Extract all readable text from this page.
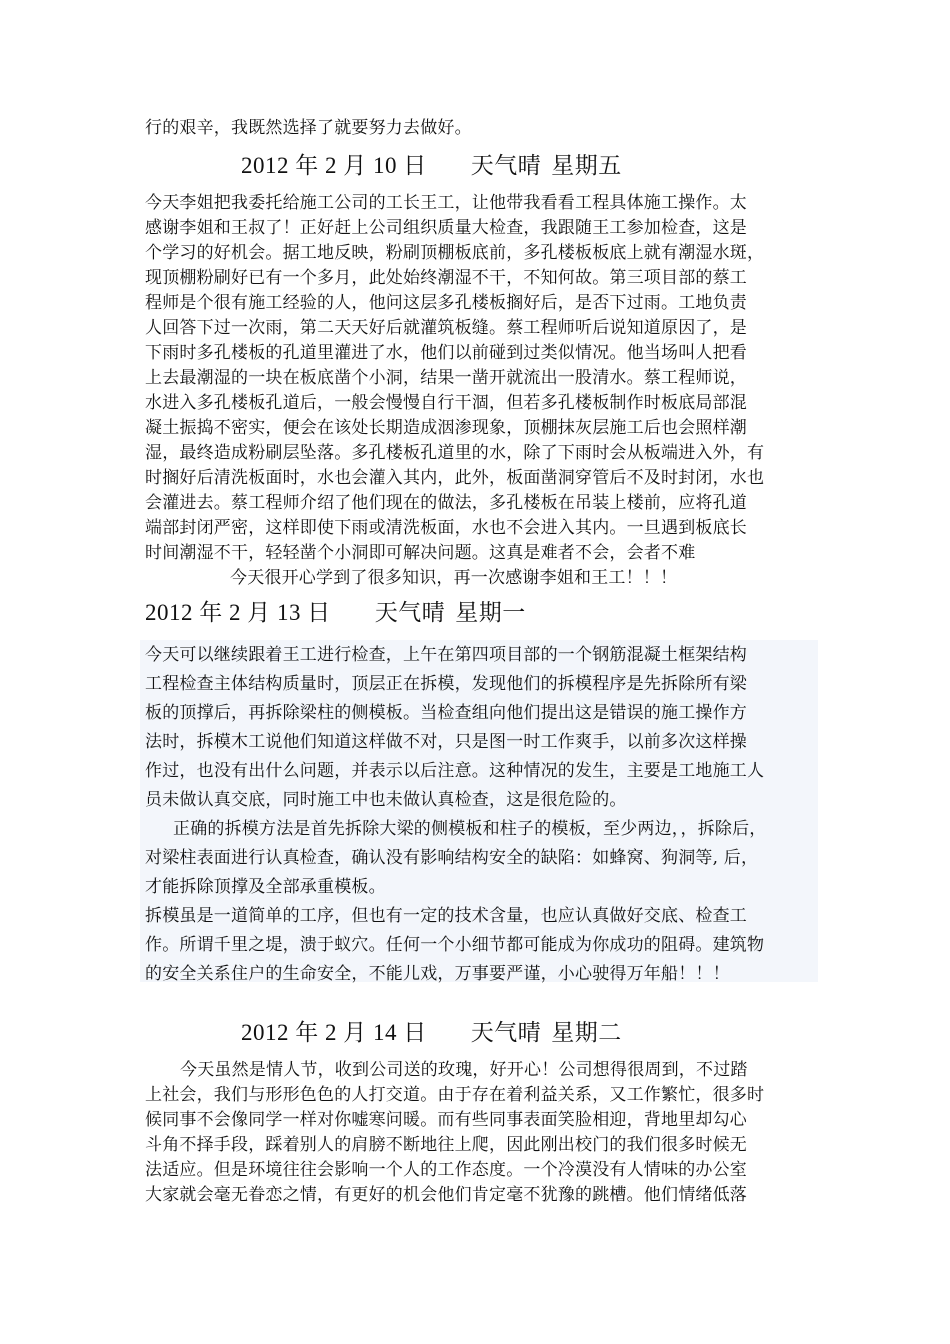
行的艰辛，我既然选择了就要努力去做好。
2012 年 2 月 10 日 天气晴 星期五
今天李姐把我委托给施工公司的工长王工，让他带我看看工程具体施工操作。太
感谢李姐和王叔了！正好赶上公司组织质量大检查，我跟随王工参加检查，这是
个学习的好机会。据工地反映，粉刷顶棚板底前，多孔楼板板底上就有潮湿水斑，
现顶棚粉刷好已有一个多月，此处始终潮湿不干，不知何故。第三项目部的蔡工
程师是个很有施工经验的人，他问这层多孔楼板搁好后，是否下过雨。工地负责
人回答下过一次雨，第二天天好后就灌筑板缝。蔡工程师听后说知道原因了，是
下雨时多孔楼板的孔道里灌进了水，他们以前碰到过类似情况。他当场叫人把看
上去最潮湿的一块在板底凿个小洞，结果一凿开就流出一股清水。蔡工程师说，
水进入多孔楼板孔道后，一般会慢慢自行干涸，但若多孔楼板制作时板底局部混
凝土振捣不密实，便会在该处长期造成洇渗现象，顶棚抹灰层施工后也会照样潮
湿，最终造成粉刷层坠落。多孔楼板孔道里的水，除了下雨时会从板端进入外，有
时搁好后清洗板面时，水也会灌入其内，此外，板面凿洞穿管后不及时封闭，水也
会灌进去。蔡工程师介绍了他们现在的做法，多孔楼板在吊装上楼前，应将孔道
端部封闭严密，这样即使下雨或清洗板面，水也不会进入其内。一旦遇到板底长
时间潮湿不干，轻轻凿个小洞即可解决问题。这真是难者不会，会者不难
今天很开心学到了很多知识，再一次感谢李姐和王工！！！
2012 年 2 月 13 日 天气晴 星期一
今天可以继续跟着王工进行检查，上午在第四项目部的一个钢筋混凝土框架结构
工程检查主体结构质量时，顶层正在拆模，发现他们的拆模程序是先拆除所有梁
板的顶撑后，再拆除梁柱的侧模板。当检查组向他们提出这是错误的施工操作方
法时，拆模木工说他们知道这样做不对，只是图一时工作爽手，以前多次这样操
作过，也没有出什么问题，并表示以后注意。这种情况的发生，主要是工地施工人
员未做认真交底，同时施工中也未做认真检查，这是很危险的。
正确的拆模方法是首先拆除大梁的侧模板和柱子的模板，至少两边，，拆除后，
对梁柱表面进行认真检查，确认没有影响结构安全的缺陷：如蜂窝、狗洞等, 后，
才能拆除顶撑及全部承重模板。
拆模虽是一道简单的工序，但也有一定的技术含量，也应认真做好交底、检查工
作。所谓千里之堤，溃于蚁穴。任何一个小细节都可能成为你成功的阻碍。建筑物
的安全关系住户的生命安全，不能儿戏，万事要严谨，小心驶得万年船！！！
2012 年 2 月 14 日 天气晴 星期二
今天虽然是情人节，收到公司送的玫瑰，好开心！公司想得很周到，不过踏
上社会，我们与形形色色的人打交道。由于存在着利益关系，又工作繁忙，很多时
候同事不会像同学一样对你嘘寒问暖。而有些同事表面笑脸相迎，背地里却勾心
斗角不择手段，踩着别人的肩膀不断地往上爬，因此刚出校门的我们很多时候无
法适应。但是环境往往会影响一个人的工作态度。一个冷漠没有人情味的办公室
大家就会毫无眷恋之情，有更好的机会他们肯定毫不犹豫的跳槽。他们情绪低落
